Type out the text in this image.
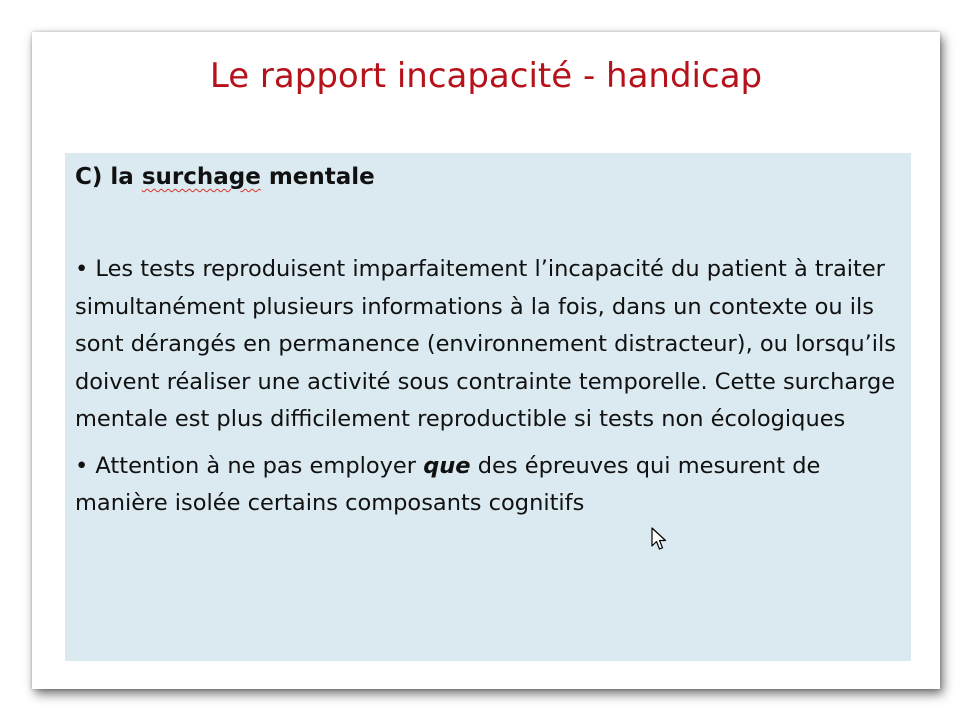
Le rapport incapacité - handicap

C) la surchage mentale

• Les tests reproduisent imparfaitement l’incapacité du patient à traiter simultanément plusieurs informations à la fois, dans un contexte ou ils sont dérangés en permanence (environnement distracteur), ou lorsqu’ils doivent réaliser une activité sous contrainte temporelle. Cette surcharge mentale est plus difficilement reproductible si tests non écologiques

• Attention à ne pas employer que des épreuves qui mesurent de manière isolée certains composants cognitifs
